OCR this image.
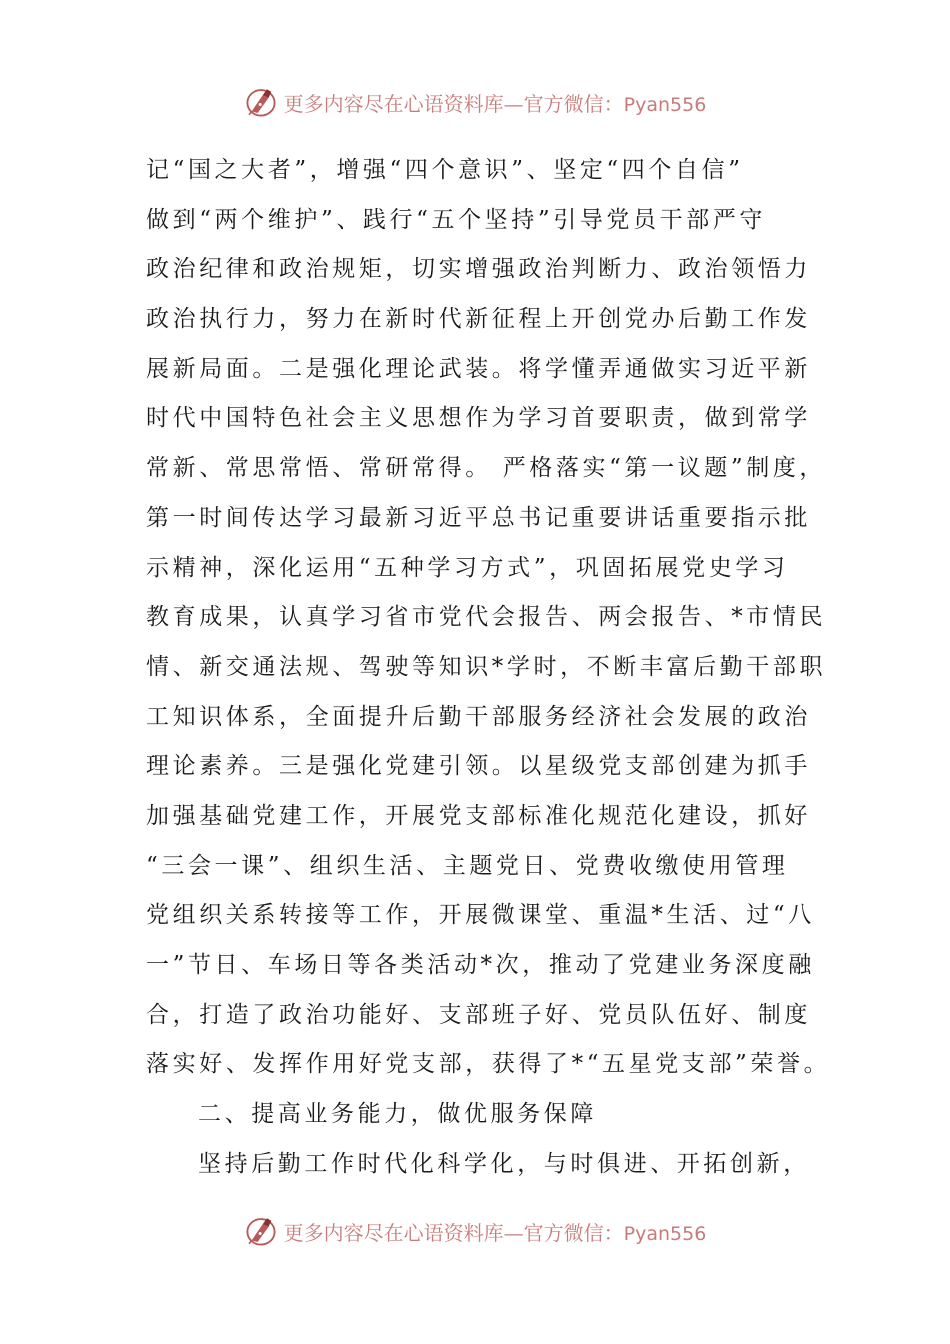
更多内容尽在心语资料库—官方微信：Pyan556
记“国之大者”，增强“四个意识”、坚定“四个自信”
做到“两个维护”、践行“五个坚持”引导党员干部严守
政治纪律和政治规矩，切实增强政治判断力、政治领悟力
政治执行力，努力在新时代新征程上开创党办后勤工作发
展新局面。二是强化理论武装。将学懂弄通做实习近平新
时代中国特色社会主义思想作为学习首要职责，做到常学
常新、常思常悟、常研常得。 严格落实“第一议题”制度，
第一时间传达学习最新习近平总书记重要讲话重要指示批
示精神，深化运用“五种学习方式”，巩固拓展党史学习
教育成果，认真学习省市党代会报告、两会报告、*市情民
情、新交通法规、驾驶等知识*学时，不断丰富后勤干部职
工知识体系，全面提升后勤干部服务经济社会发展的政治
理论素养。三是强化党建引领。以星级党支部创建为抓手
加强基础党建工作，开展党支部标准化规范化建设，抓好
“三会一课”、组织生活、主题党日、党费收缴使用管理
党组织关系转接等工作，开展微课堂、重温*生活、过“八
一”节日、车场日等各类活动*次，推动了党建业务深度融
合，打造了政治功能好、支部班子好、党员队伍好、制度
落实好、发挥作用好党支部，获得了*“五星党支部”荣誉。
二、提高业务能力，做优服务保障
坚持后勤工作时代化科学化，与时俱进、开拓创新，
更多内容尽在心语资料库—官方微信：Pyan556
